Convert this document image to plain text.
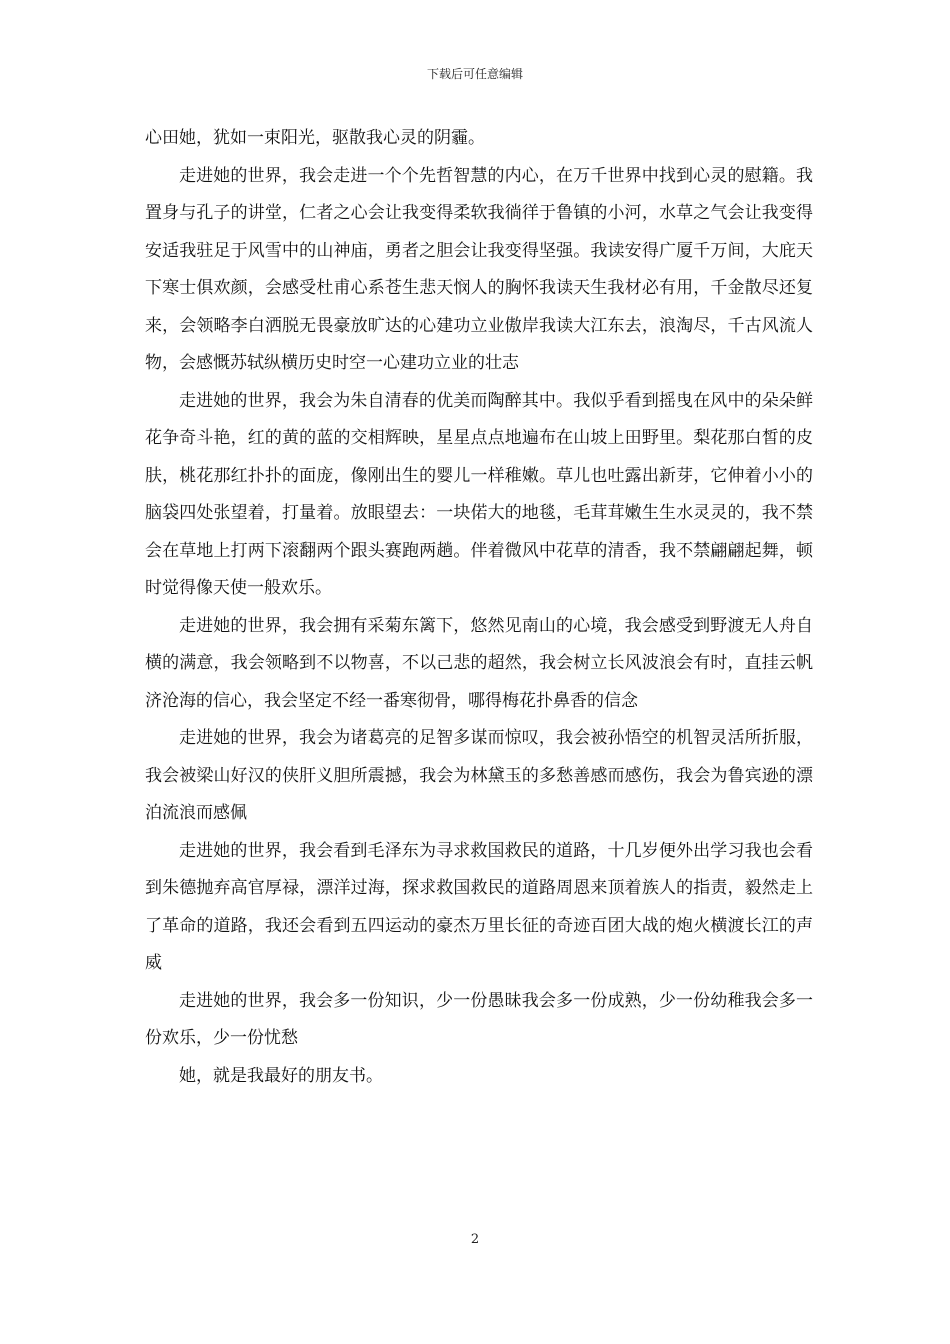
下载后可任意编辑

心田她，犹如一束阳光，驱散我心灵的阴霾。

走进她的世界，我会走进一个个先哲智慧的内心，在万千世界中找到心灵的慰籍。我置身与孔子的讲堂，仁者之心会让我变得柔软我徜徉于鲁镇的小河，水草之气会让我变得安适我驻足于风雪中的山神庙，勇者之胆会让我变得坚强。我读安得广厦千万间，大庇天下寒士俱欢颜，会感受杜甫心系苍生悲天悯人的胸怀我读天生我材必有用，千金散尽还复来，会领略李白洒脱无畏豪放旷达的心建功立业傲岸我读大江东去，浪淘尽，千古风流人物，会感慨苏轼纵横历史时空一心建功立业的壮志

走进她的世界，我会为朱自清春的优美而陶醉其中。我似乎看到摇曳在风中的朵朵鲜花争奇斗艳，红的黄的蓝的交相辉映，星星点点地遍布在山坡上田野里。梨花那白皙的皮肤，桃花那红扑扑的面庞，像刚出生的婴儿一样稚嫩。草儿也吐露出新芽，它伸着小小的脑袋四处张望着，打量着。放眼望去：一块偌大的地毯，毛茸茸嫩生生水灵灵的，我不禁会在草地上打两下滚翻两个跟头赛跑两趟。伴着微风中花草的清香，我不禁翩翩起舞，顿时觉得像天使一般欢乐。

走进她的世界，我会拥有采菊东篱下，悠然见南山的心境，我会感受到野渡无人舟自横的满意，我会领略到不以物喜，不以己悲的超然，我会树立长风波浪会有时，直挂云帆济沧海的信心，我会坚定不经一番寒彻骨，哪得梅花扑鼻香的信念

走进她的世界，我会为诸葛亮的足智多谋而惊叹，我会被孙悟空的机智灵活所折服，我会被梁山好汉的侠肝义胆所震撼，我会为林黛玉的多愁善感而感伤，我会为鲁宾逊的漂泊流浪而感佩

走进她的世界，我会看到毛泽东为寻求救国救民的道路，十几岁便外出学习我也会看到朱德抛弃高官厚禄，漂洋过海，探求救国救民的道路周恩来顶着族人的指责，毅然走上了革命的道路，我还会看到五四运动的豪杰万里长征的奇迹百团大战的炮火横渡长江的声威

走进她的世界，我会多一份知识，少一份愚昧我会多一份成熟，少一份幼稚我会多一份欢乐，少一份忧愁

她，就是我最好的朋友书。

2
